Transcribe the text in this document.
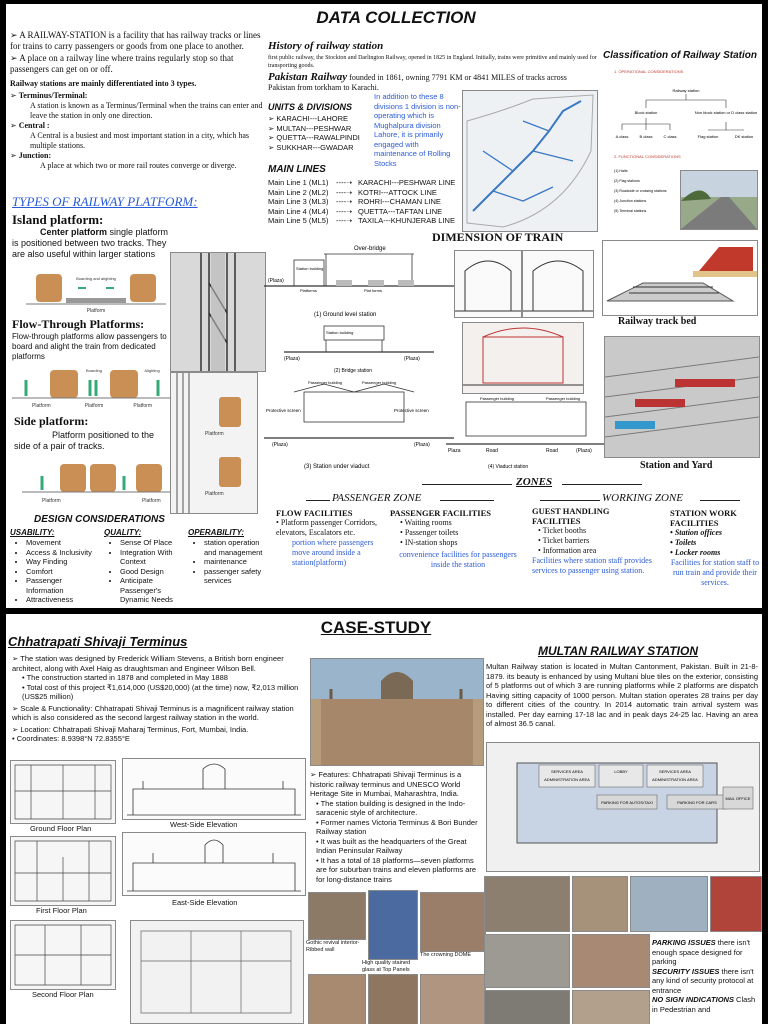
DATA COLLECTION
➢ A RAILWAY-STATION is a facility that has railway tracks or lines for trains to carry passengers or goods from one place to another.
➢ A place on a railway line where trains regularly stop so that passengers can get on or off.
Railway stations are mainly differentiated into 3 types.
➢ Terminus/Terminal:
A station is known as a Terminus/Terminal when the trains can enter and leave the station in only one direction.
➢ Central :
A Central is a busiest and most important station in a city, which has multiple stations.
➢ Junction:
A place at which two or more rail routes converge or diverge.
TYPES OF RAILWAY PLATFORM:
Island platform:
Center platform single platform is positioned between two tracks. They are also useful within larger stations
Platform
Boarding and alighting
Flow-Through Platforms:
Flow-through platforms allow passengers to board and alight the train from dedicated platforms
Platform	Platform	Platform
Boarding	Alighting
Side platform:
Platform positioned to the side of a pair of tracks.
Platform	Platform
Platform
Platform
History of railway station
first public railway, the Stockton and Darlington Railway, opened in 1825 in England. Initially, trains were primitive and mainly used for transporting goods.
Pakistan Railway founded in 1861, owning 7791 KM or 4841 MILES of tracks across Pakistan from torkham to Karachi.
UNITS & DIVISIONS
➢ KARACHI---LAHORE
➢ MULTAN---PESHWAR
➢ QUETTA---RAWALPINDI
➢ SUKKHAR---GWADAR
In addition to these 8 divisions 1 division is non-operating which is Mughalpura division Lahore, it is primarily engaged with maintenance of Rolling Stocks
MAIN LINES
Main Line 1 (ML1)	----➝ KARACHI---PESHWAR LINE
Main Line 2 (ML2)	----➝ KOTRI---ATTOCK LINE
Main Line 3 (ML3)	----➝ ROHRI---CHAMAN LINE
Main Line 4 (ML4)	----➝ QUETTA---TAFTAN LINE
Main Line 5 (ML5)	----➝ TAXILA---KHUNJERAB LINE
Classification of Railway Station
1. OPERATIONAL CONSIDERATIONS
Railway station
Block station	Non block station or D class station
A class	B class	C class	Flag station	DK station
2. FUNCTIONAL CONSIDERATIONS
(1) Halts
(2) Flag stations
(3) Roadside or crossing stations
(4) Junction stations
(5) Terminal stations
DIMENSION OF TRAIN
Over-bridge
Station building
(Plaza)
Platforms	Plat forms
(1) Ground level station
Station building
(Plaza)	(Plaza)
(2) Bridge station
Passenger building	Passenger building
Protective screen	Protective screen
(Plaza)	(Plaza)
(3) Station under viaduct
Passenger building	Passenger building
Plaza	Road	Road	(Plaza)
(4) Viaduct station
Railway track bed
Station and Yard
ZONES
PASSENGER ZONE	WORKING ZONE
FLOW FACILITIES
• Platform passenger Corridors, elevators, Escalators etc.
portion where passengers move around inside a station(platform)
PASSENGER FACILITIES
• Waiting rooms
• Passenger toilets
• IN-station shops
convenience facilities for passengers inside the station
GUEST HANDLING FACILITIES
• Ticket booths
• Ticket barriers
• Information area
Facilities where station staff provides services to passenger using station.
STATION WORK FACILITIES
• Station offices
• Toilets
• Locker rooms
Facilities for station staff to run train and provide their services.
DESIGN CONSIDERATIONS
USABILITY:
• Movement
• Access & Inclusivity
• Way Finding
• Comfort
• Passenger Information
• Attractiveness
QUALITY:
• Sense Of Place
• Integration With Context
• Good Design
• Anticipate Passenger's Dynamic Needs
OPERABILITY:
• station operation and management
• maintenance
• passenger safety services
CASE-STUDY
Chhatrapati Shivaji Terminus
➢ The station was designed by Frederick William Stevens, a British born engineer architect, along with Axel Haig as draughtsman and Engineer Wilson Bell.
• The construction started in 1878 and completed in May 1888
• Total cost of this project ₹1,614,000 (US$20,000) (at the time) now, ₹2,013 million (US$25 million)
➢ Scale & Functionality: Chhatrapati Shivaji Terminus is a magnificent railway station which is also considered as the second largest railway station in the world.
➢ Location: Chhatrapati Shivaji Maharaj Terminus, Fort, Mumbai, India.
• Coordinates: 8.9398°N 72.8355°E
Ground Floor Plan
First Floor Plan
Second Floor Plan
West-Side Elevation
East-Side Elevation
➢ Features: Chhatrapati Shivaji Terminus is a historic railway terminus and UNESCO World Heritage Site in Mumbai, Maharashtra, India.
• The station building is designed in the Indo-saracenic style of architecture.
• Former names Victoria Terminus & Bori Bunder Railway station
• It was built as the headquarters of the Great Indian Peninsular Railway
• It has a total of 18 platforms—seven platforms are for suburban trains and eleven platforms are for long-distance trains
Gothic revival interior-Ribbed wall
High quality stained glass at Top Panels
The crowning DOME
MULTAN RAILWAY STATION
Multan Railway station is located in Multan Cantonment, Pakistan. Built in 21-8-1879. its beauty is enhanced by using Multani blue tiles on the exterior, consisting of 5 platforms out of which 3 are running platforms while 2 platforms are dispatch Having sitting capacity of 1000 person. Multan station operates 28 trains per day to different cities of the country. In 2014 automatic train arrival system was installed. Per day earning 17-18 lac and in peak days 24-25 lac. Having an area of almost 36.5 canal.
SERVICES AREA	LOBBY	SERVICES AREA
ADMINISTRATION AREA	ADMINISTRATION AREA
PARKING FOR AUTOS/TAXI	PARKING FOR CARS
MAIL OFFICE
PARKING ISSUES there isn't enough space designed for parking
SECURITY ISSUES there isn't any kind of security protocol at entrance
NO SIGN INDICATIONS Clash in Pedestrian and
